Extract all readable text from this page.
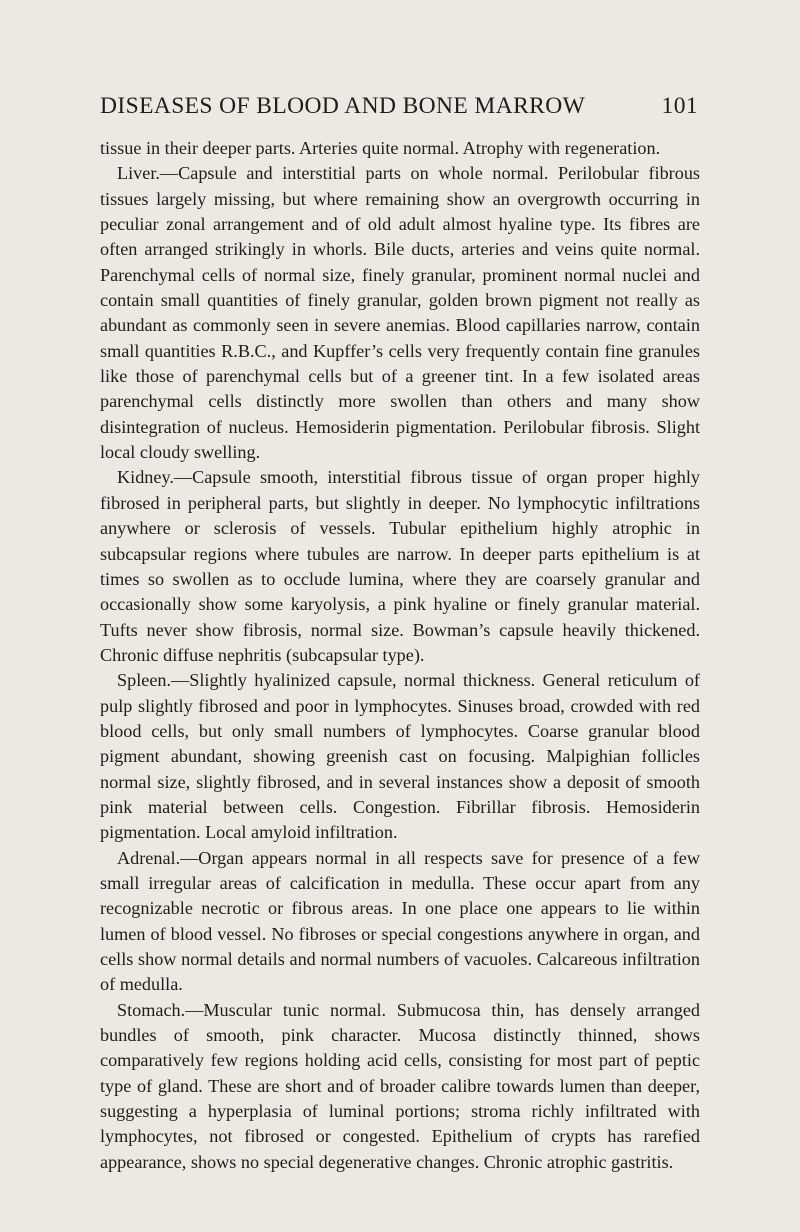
DISEASES OF BLOOD AND BONE MARROW	101

tissue in their deeper parts. Arteries quite normal. Atrophy with regeneration.

Liver.—Capsule and interstitial parts on whole normal. Perilobular fibrous tissues largely missing, but where remaining show an overgrowth occurring in peculiar zonal arrangement and of old adult almost hyaline type. Its fibres are often arranged strikingly in whorls. Bile ducts, arteries and veins quite normal. Parenchymal cells of normal size, finely granular, prominent normal nuclei and contain small quantities of finely granular, golden brown pigment not really as abundant as commonly seen in severe anemias. Blood capillaries narrow, contain small quantities R.B.C., and Kupffer’s cells very frequently contain fine granules like those of parenchymal cells but of a greener tint. In a few isolated areas parenchymal cells distinctly more swollen than others and many show disintegration of nucleus. Hemosiderin pigmentation. Perilobular fibrosis. Slight local cloudy swelling.

Kidney.—Capsule smooth, interstitial fibrous tissue of organ proper highly fibrosed in peripheral parts, but slightly in deeper. No lymphocytic infiltrations anywhere or sclerosis of vessels. Tubular epithelium highly atrophic in subcapsular regions where tubules are narrow. In deeper parts epithelium is at times so swollen as to occlude lumina, where they are coarsely granular and occasionally show some karyolysis, a pink hyaline or finely granular material. Tufts never show fibrosis, normal size. Bowman’s capsule heavily thickened. Chronic diffuse nephritis (subcapsular type).

Spleen.—Slightly hyalinized capsule, normal thickness. General reticulum of pulp slightly fibrosed and poor in lymphocytes. Sinuses broad, crowded with red blood cells, but only small numbers of lymphocytes. Coarse granular blood pigment abundant, showing greenish cast on focusing. Malpighian follicles normal size, slightly fibrosed, and in several instances show a deposit of smooth pink material between cells. Congestion. Fibrillar fibrosis. Hemosiderin pigmentation. Local amyloid infiltration.

Adrenal.—Organ appears normal in all respects save for presence of a few small irregular areas of calcification in medulla. These occur apart from any recognizable necrotic or fibrous areas. In one place one appears to lie within lumen of blood vessel. No fibroses or special congestions anywhere in organ, and cells show normal details and normal numbers of vacuoles. Calcareous infiltration of medulla.

Stomach.—Muscular tunic normal. Submucosa thin, has densely arranged bundles of smooth, pink character. Mucosa distinctly thinned, shows comparatively few regions holding acid cells, consisting for most part of peptic type of gland. These are short and of broader calibre towards lumen than deeper, suggesting a hyperplasia of luminal portions; stroma richly infiltrated with lymphocytes, not fibrosed or congested. Epithelium of crypts has rarefied appearance, shows no special degenerative changes. Chronic atrophic gastritis.
